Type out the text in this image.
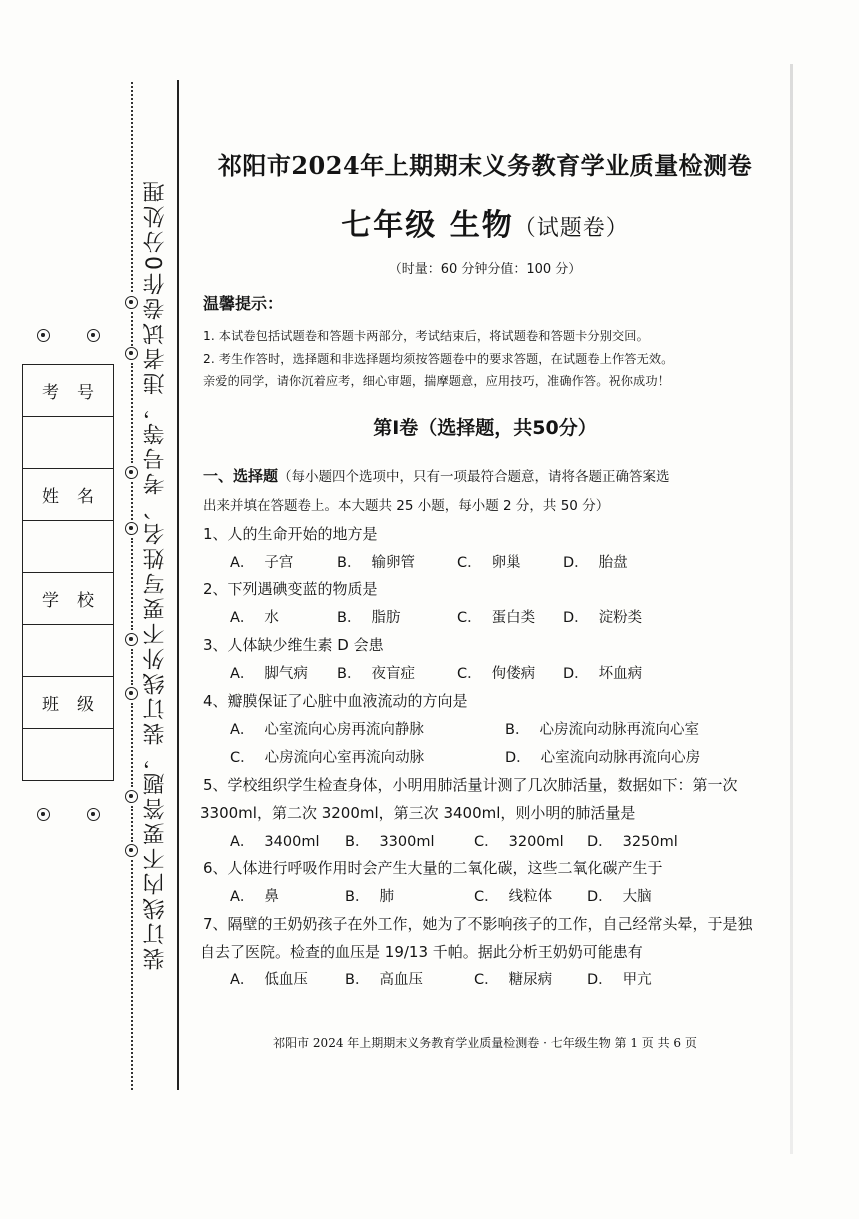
装订线内不要答题，装订线外不要写姓名、考号等，违者试卷作0分处理
考号

姓名

学校

班级

祁阳市2024年上期期末义务教育学业质量检测卷
七年级 生物（试题卷）
（时量：60 分钟分值：100 分）
温馨提示：
1. 本试卷包括试题卷和答题卡两部分，考试结束后，将试题卷和答题卡分别交回。
2. 考生作答时，选择题和非选择题均须按答题卷中的要求答题，在试题卷上作答无效。
亲爱的同学，请你沉着应考，细心审题，揣摩题意，应用技巧，准确作答。祝你成功！
第Ⅰ卷（选择题，共50分）
一、选择题（每小题四个选项中，只有一项最符合题意，请将各题正确答案选
出来并填在答题卷上。本大题共 25 小题，每小题 2 分，共 50 分）
1、人的生命开始的地方是
A． 子宫	B． 输卵管	C． 卵巢	D． 胎盘
2、下列遇碘变蓝的物质是
A． 水	B． 脂肪	C． 蛋白类 D． 淀粉类
3、人体缺少维生素 D 会患
A． 脚气病 B． 夜盲症	C． 佝偻病 D． 坏血病
4、瓣膜保证了心脏中血液流动的方向是
A． 心室流向心房再流向静脉	B． 心房流向动脉再流向心室
C． 心房流向心室再流向动脉	D． 心室流向动脉再流向心房
5、学校组织学生检查身体，小明用肺活量计测了几次肺活量，数据如下：第一次
3300ml，第二次 3200ml，第三次 3400ml，则小明的肺活量是
A． 3400ml B． 3300ml	C． 3200ml D． 3250ml
6、人体进行呼吸作用时会产生大量的二氧化碳，这些二氧化碳产生于
A． 鼻	B． 肺	C． 线粒体 D． 大脑
7、隔壁的王奶奶孩子在外工作，她为了不影响孩子的工作，自己经常头晕，于是独
自去了医院。检查的血压是 19/13 千帕。据此分析王奶奶可能患有
A． 低血压	B． 高血压	C． 糖尿病 D． 甲亢
祁阳市 2024 年上期期末义务教育学业质量检测卷 · 七年级生物 第 1 页 共 6 页
